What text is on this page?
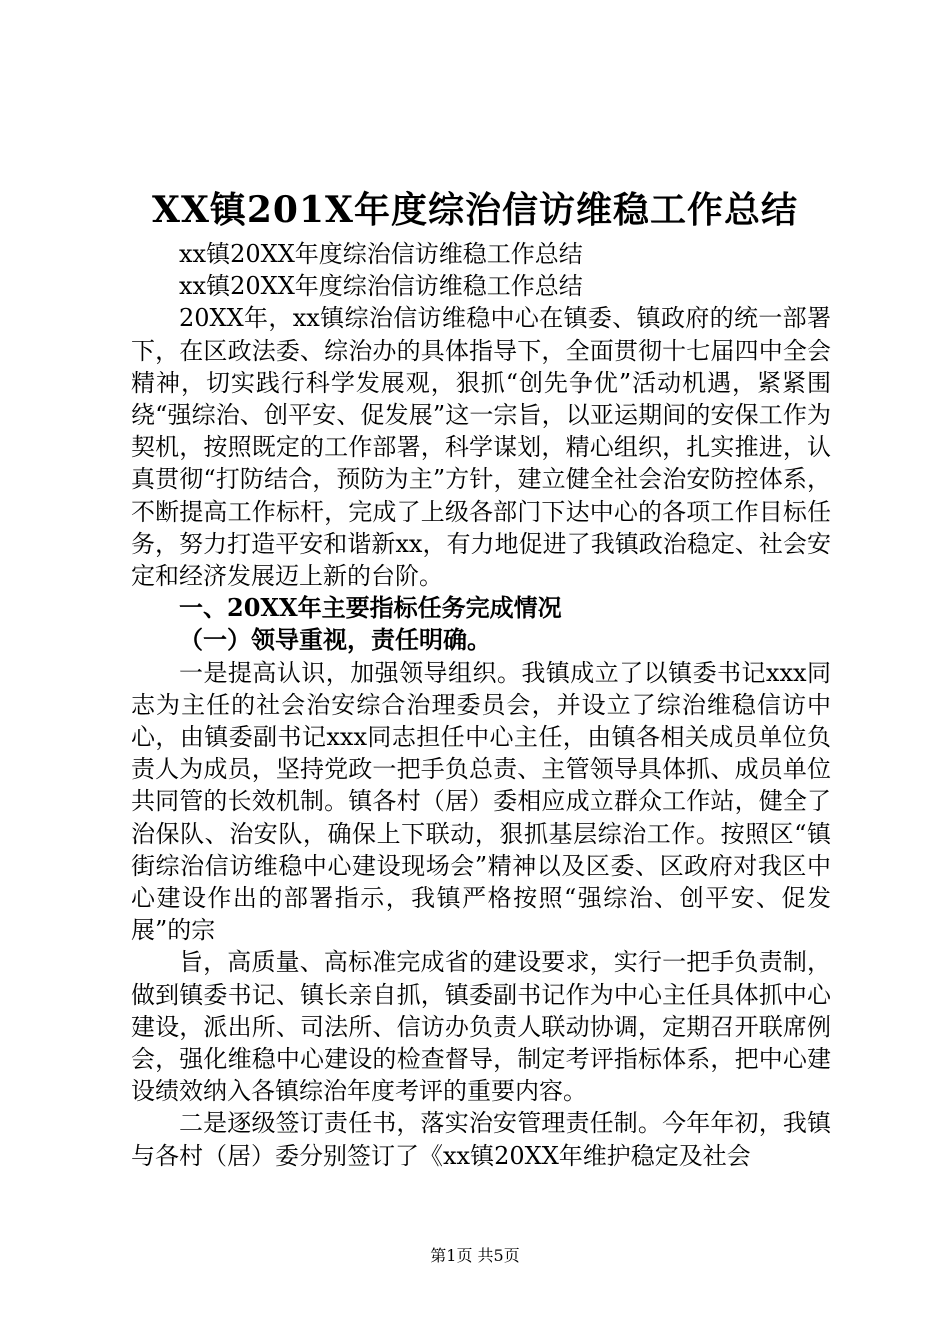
XX镇201X年度综治信访维稳工作总结

xx镇20XX年度综治信访维稳工作总结

xx镇20XX年度综治信访维稳工作总结

20XX年，xx镇综治信访维稳中心在镇委、镇政府的统一部署下，在区政法委、综治办的具体指导下，全面贯彻十七届四中全会精神，切实践行科学发展观，狠抓“创先争优”活动机遇，紧紧围绕“强综治、创平安、促发展”这一宗旨，以亚运期间的安保工作为契机，按照既定的工作部署，科学谋划，精心组织，扎实推进，认真贯彻“打防结合，预防为主”方针，建立健全社会治安防控体系，不断提高工作标杆，完成了上级各部门下达中心的各项工作目标任务，努力打造平安和谐新xx，有力地促进了我镇政治稳定、社会安定和经济发展迈上新的台阶。

一、20XX年主要指标任务完成情况

（一）领导重视，责任明确。

一是提高认识，加强领导组织。我镇成立了以镇委书记xxx同志为主任的社会治安综合治理委员会，并设立了综治维稳信访中心，由镇委副书记xxx同志担任中心主任，由镇各相关成员单位负责人为成员，坚持党政一把手负总责、主管领导具体抓、成员单位共同管的长效机制。镇各村（居）委相应成立群众工作站，健全了治保队、治安队，确保上下联动，狠抓基层综治工作。按照区“镇街综治信访维稳中心建设现场会”精神以及区委、区政府对我区中心建设作出的部署指示，我镇严格按照“强综治、创平安、促发展”的宗

旨，高质量、高标准完成省的建设要求，实行一把手负责制，做到镇委书记、镇长亲自抓，镇委副书记作为中心主任具体抓中心建设，派出所、司法所、信访办负责人联动协调，定期召开联席例会，强化维稳中心建设的检查督导，制定考评指标体系，把中心建设绩效纳入各镇综治年度考评的重要内容。

二是逐级签订责任书，落实治安管理责任制。今年年初，我镇与各村（居）委分别签订了《xx镇20XX年维护稳定及社会

第1页 共5页
